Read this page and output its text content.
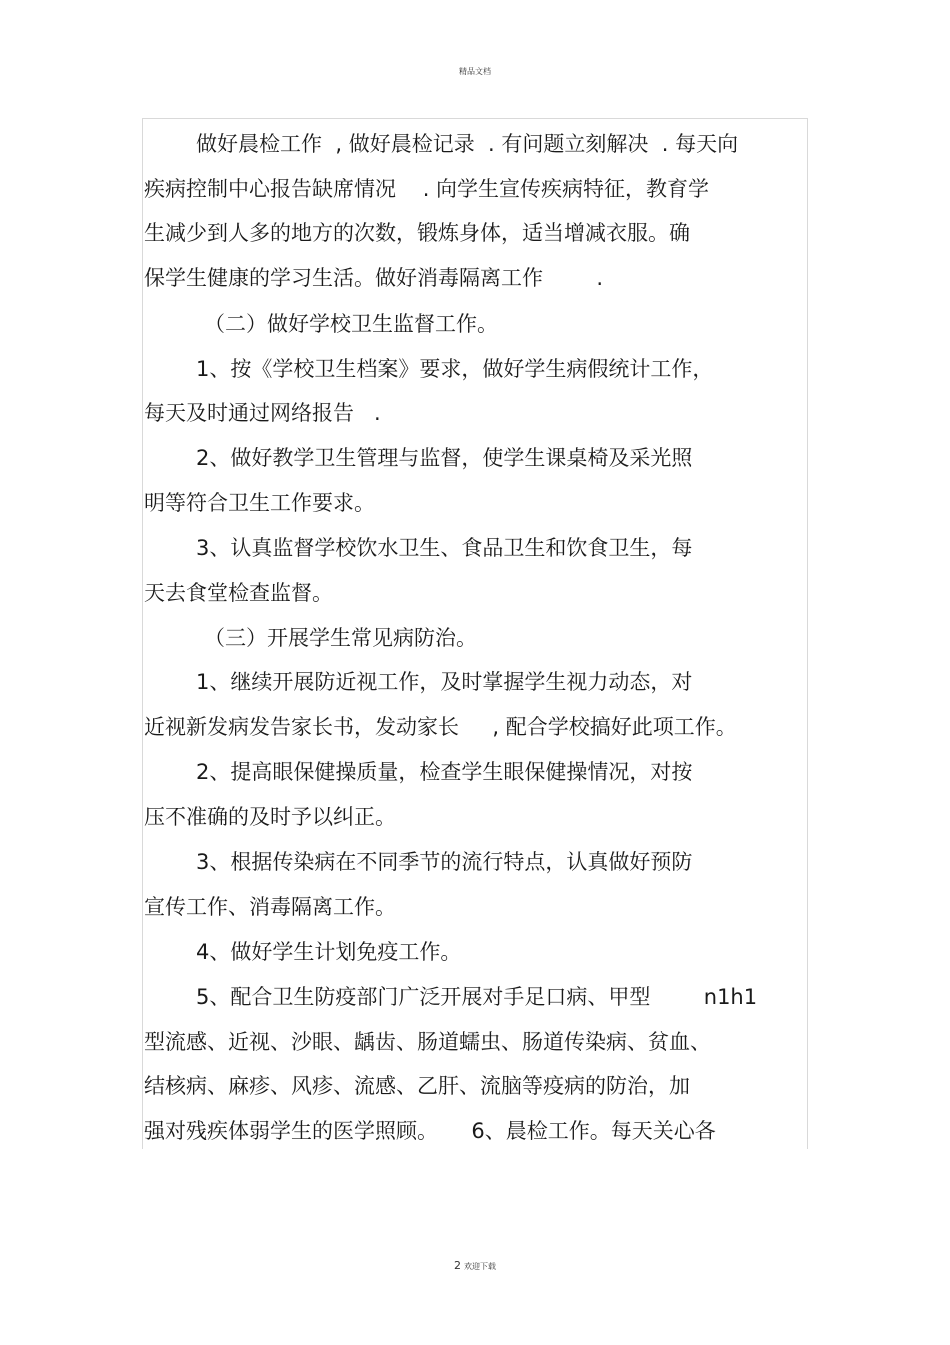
精品文档
做好晨检工作  , 做好晨检记录  . 有问题立刻解决  . 每天向
疾病控制中心报告缺席情况    . 向学生宣传疾病特征，教育学
生减少到人多的地方的次数，锻炼身体，适当增减衣服。确
保学生健康的学习生活。做好消毒隔离工作        .
（二）做好学校卫生监督工作。
1、按《学校卫生档案》要求，做好学生病假统计工作，
每天及时通过网络报告   .
2、做好教学卫生管理与监督，使学生课桌椅及采光照
明等符合卫生工作要求。
3、认真监督学校饮水卫生、食品卫生和饮食卫生，每
天去食堂检查监督。
（三）开展学生常见病防治。
1、继续开展防近视工作，及时掌握学生视力动态，对
近视新发病发告家长书，发动家长     , 配合学校搞好此项工作。
2、提高眼保健操质量，检查学生眼保健操情况，对按
压不准确的及时予以纠正。
3、根据传染病在不同季节的流行特点，认真做好预防
宣传工作、消毒隔离工作。
4、做好学生计划免疫工作。
5、配合卫生防疫部门广泛开展对手足口病、甲型        n1h1
型流感、近视、沙眼、龋齿、肠道蠕虫、肠道传染病、贫血、
结核病、麻疹、风疹、流感、乙肝、流脑等疫病的防治，加
强对残疾体弱学生的医学照顾。     6、晨检工作。每天关心各
2 欢迎下载
